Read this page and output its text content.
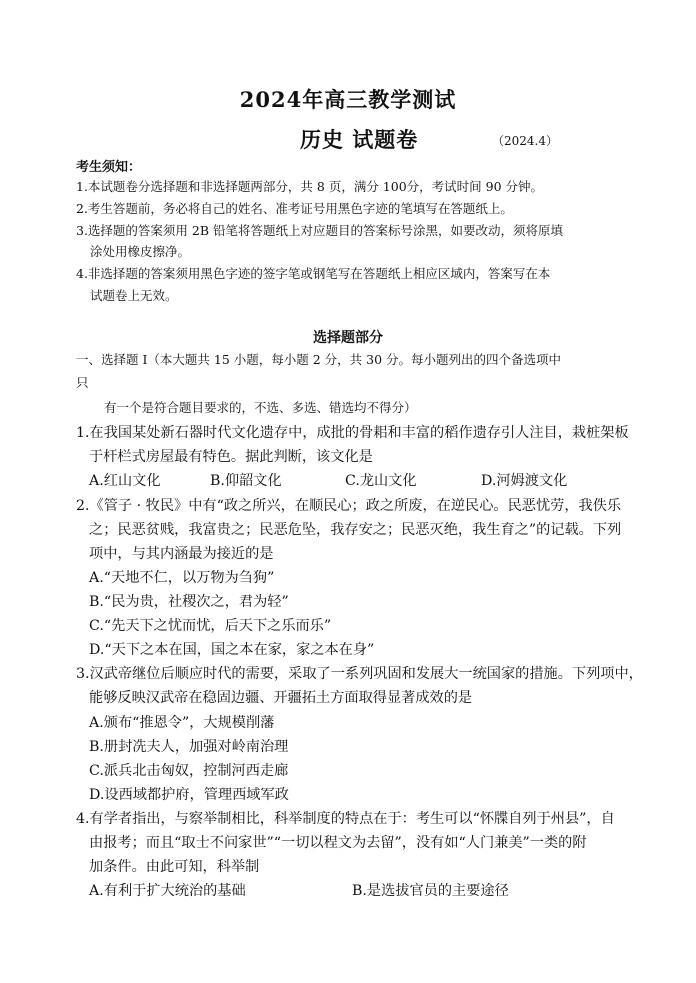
2024年高三教学测试
历史 试题卷	（2024.4）
考生须知：
1.本试题卷分选择题和非选择题两部分，共 8 页，满分 100分，考试时间 90 分钟。
2.考生答题前，务必将自己的姓名、准考证号用黑色字迹的笔填写在答题纸上。
3.选择题的答案须用 2B 铅笔将答题纸上对应题目的答案标号涂黑，如要改动，须将原填
涂处用橡皮擦净。
4.非选择题的答案须用黑色字迹的签字笔或钢笔写在答题纸上相应区域内，答案写在本
试题卷上无效。
选择题部分
一、选择题 Ⅰ（本大题共 15 小题，每小题 2 分，共 30 分。每小题列出的四个备选项中
只
有一个是符合题目要求的，不选、多选、错选均不得分）
1.在我国某处新石器时代文化遗存中，成批的骨耜和丰富的稻作遗存引人注目，栽桩架板
于杆栏式房屋最有特色。据此判断，该文化是
A.红山文化	B.仰韶文化	C.龙山文化	D.河姆渡文化
2.《管子 · 牧民》中有“政之所兴，在顺民心；政之所废，在逆民心。民恶忧劳，我佚乐
之；民恶贫贱，我富贵之；民恶危坠，我存安之；民恶灭绝，我生育之”的记载。下列
项中，与其内涵最为接近的是
A.“天地不仁，以万物为刍狗”
B.“民为贵，社稷次之，君为轻”
C.“先天下之忧而忧，后天下之乐而乐”
D.“天下之本在国，国之本在家，家之本在身”
3.汉武帝继位后顺应时代的需要，采取了一系列巩固和发展大一统国家的措施。下列项中，
能够反映汉武帝在稳固边疆、开疆拓土方面取得显著成效的是
A.颁布“推恩令”，大规模削藩
B.册封冼夫人，加强对岭南治理
C.派兵北击匈奴，控制河西走廊
D.设西域都护府，管理西域军政
4.有学者指出，与察举制相比，科举制度的特点在于：考生可以“怀牒自列于州县”，自
由报考；而且“取士不问家世”“一切以程文为去留”，没有如“人门兼美”一类的附
加条件。由此可知，科举制
A.有利于扩大统治的基础	B.是选拔官员的主要途径
